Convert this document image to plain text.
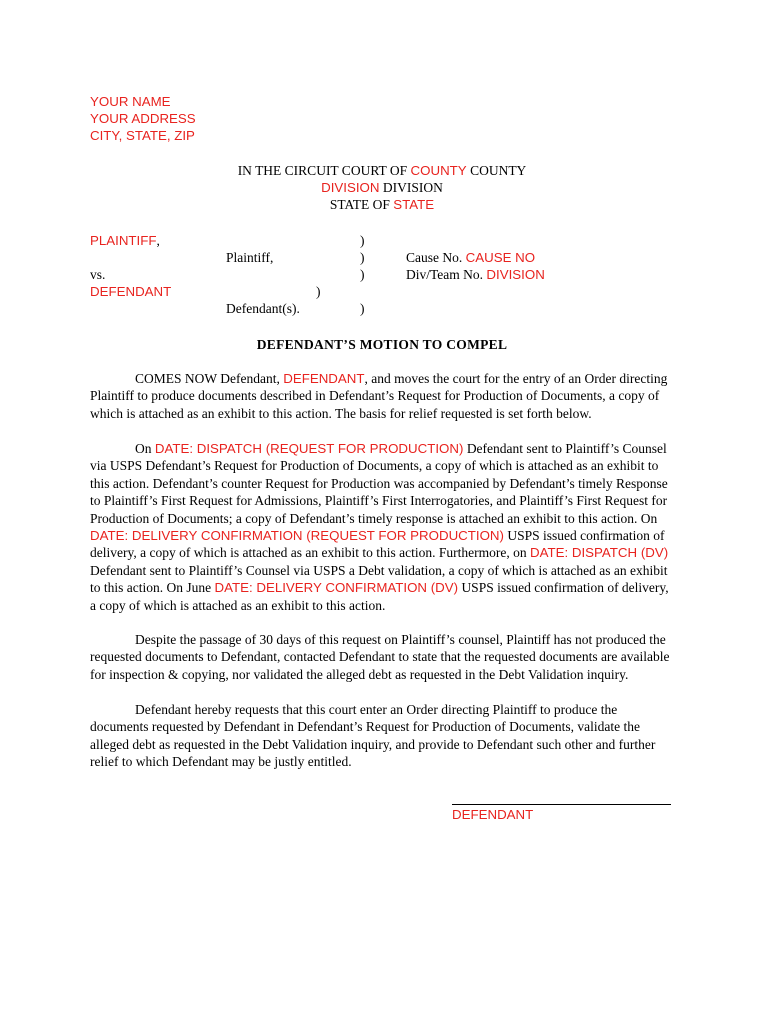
YOUR NAME
YOUR ADDRESS
CITY, STATE, ZIP
IN THE CIRCUIT COURT OF COUNTY COUNTY
DIVISION DIVISION
STATE OF STATE
PLAINTIFF,	)
Plaintiff,	)	Cause No. CAUSE NO
vs.	)	Div/Team No. DIVISION
DEFENDANT	)
Defendant(s).	)
DEFENDANT’S MOTION TO COMPEL
COMES NOW Defendant, DEFENDANT, and moves the court for the entry of an Order directing Plaintiff to produce documents described in Defendant’s Request for Production of Documents, a copy of which is attached as an exhibit to this action. The basis for relief requested is set forth below.
On DATE: DISPATCH (REQUEST FOR PRODUCTION) Defendant sent to Plaintiff’s Counsel via USPS Defendant’s Request for Production of Documents, a copy of which is attached as an exhibit to this action. Defendant’s counter Request for Production was accompanied by Defendant’s timely Response to Plaintiff’s First Request for Admissions, Plaintiff’s First Interrogatories, and Plaintiff’s First Request for Production of Documents; a copy of Defendant’s timely response is attached an exhibit to this action. On DATE: DELIVERY CONFIRMATION (REQUEST FOR PRODUCTION) USPS issued confirmation of delivery, a copy of which is attached as an exhibit to this action. Furthermore, on DATE: DISPATCH (DV) Defendant sent to Plaintiff’s Counsel via USPS a Debt validation, a copy of which is attached as an exhibit to this action. On June DATE: DELIVERY CONFIRMATION (DV) USPS issued confirmation of delivery, a copy of which is attached as an exhibit to this action.
Despite the passage of 30 days of this request on Plaintiff’s counsel, Plaintiff has not produced the requested documents to Defendant, contacted Defendant to state that the requested documents are available for inspection & copying, nor validated the alleged debt as requested in the Debt Validation inquiry.
Defendant hereby requests that this court enter an Order directing Plaintiff to produce the documents requested by Defendant in Defendant’s Request for Production of Documents, validate the alleged debt as requested in the Debt Validation inquiry, and provide to Defendant such other and further relief to which Defendant may be justly entitled.
DEFENDANT
